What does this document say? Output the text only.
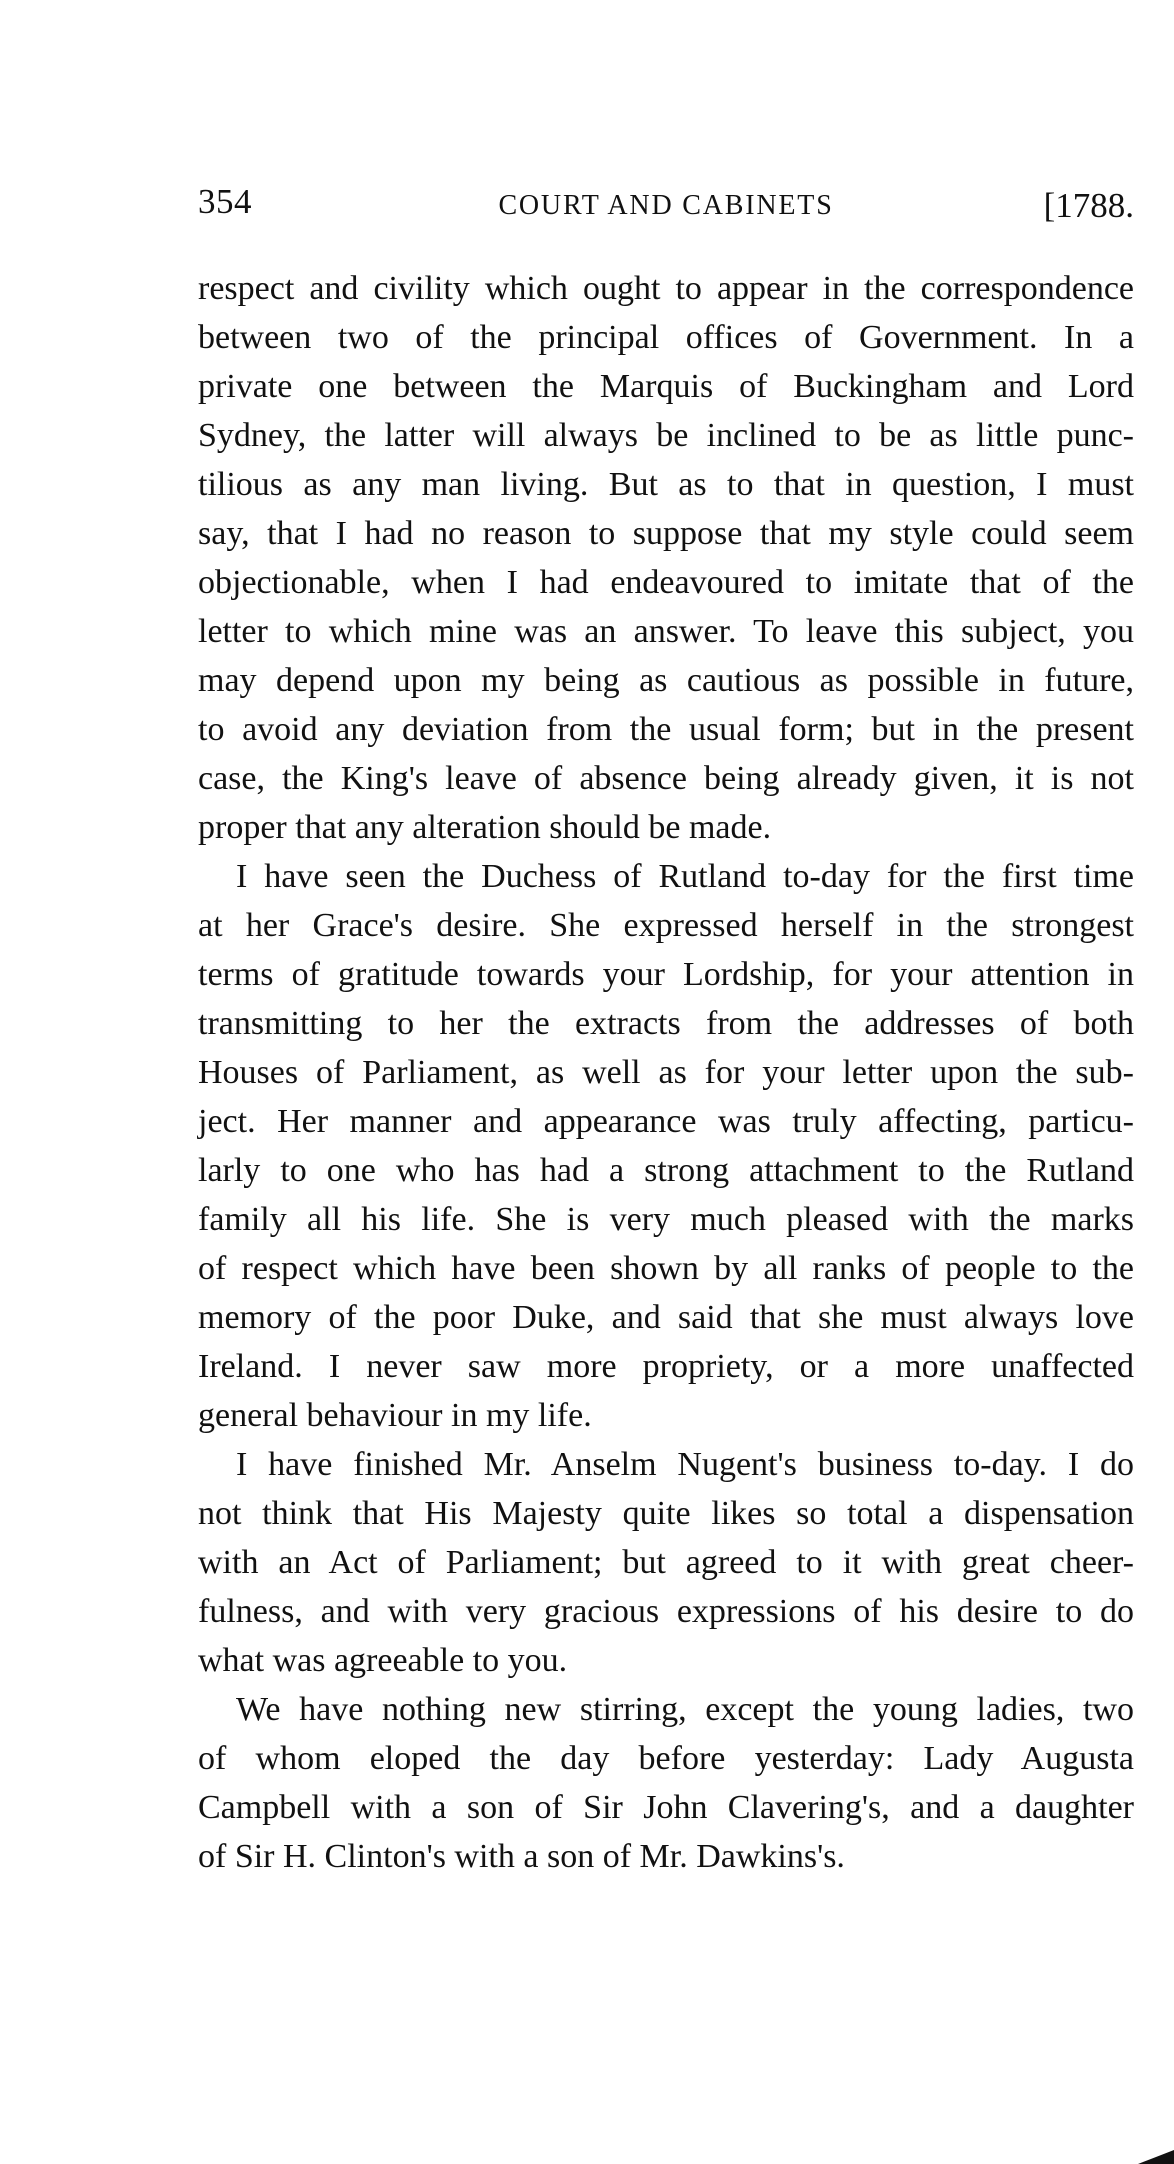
354	COURT AND CABINETS	[1788.
respect and civility which ought to appear in the correspondence
between two of the principal offices of Government. In a
private one between the Marquis of Buckingham and Lord
Sydney, the latter will always be inclined to be as little punc-
tilious as any man living. But as to that in question, I must
say, that I had no reason to suppose that my style could seem
objectionable, when I had endeavoured to imitate that of the
letter to which mine was an answer. To leave this subject, you
may depend upon my being as cautious as possible in future,
to avoid any deviation from the usual form; but in the present
case, the King's leave of absence being already given, it is not
proper that any alteration should be made.
I have seen the Duchess of Rutland to-day for the first time
at her Grace's desire. She expressed herself in the strongest
terms of gratitude towards your Lordship, for your attention in
transmitting to her the extracts from the addresses of both
Houses of Parliament, as well as for your letter upon the sub-
ject. Her manner and appearance was truly affecting, particu-
larly to one who has had a strong attachment to the Rutland
family all his life. She is very much pleased with the marks
of respect which have been shown by all ranks of people to the
memory of the poor Duke, and said that she must always love
Ireland. I never saw more propriety, or a more unaffected
general behaviour in my life.
I have finished Mr. Anselm Nugent's business to-day. I do
not think that His Majesty quite likes so total a dispensation
with an Act of Parliament; but agreed to it with great cheer-
fulness, and with very gracious expressions of his desire to do
what was agreeable to you.
We have nothing new stirring, except the young ladies, two
of whom eloped the day before yesterday: Lady Augusta
Campbell with a son of Sir John Clavering's, and a daughter
of Sir H. Clinton's with a son of Mr. Dawkins's.
